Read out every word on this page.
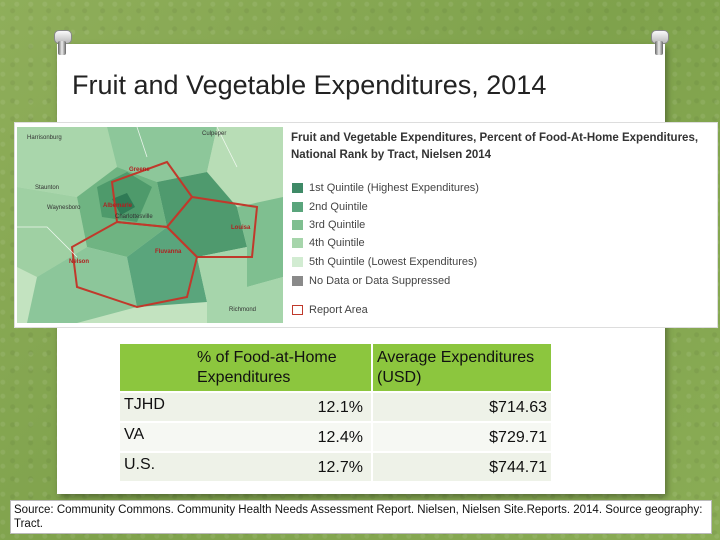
Fruit and Vegetable Expenditures, 2014
Culpeper
Harrisonburg
Greene
Staunton
Waynesboro	Albemarle
Charlottesville
Louisa
Fluvanna
Nelson
Richmond
Fruit and Vegetable Expenditures, Percent of Food-At-Home Expenditures, National Rank by Tract, Nielsen 2014
1st Quintile (Highest Expenditures)
2nd Quintile
3rd Quintile
4th Quintile
5th Quintile (Lowest Expenditures)
No Data or Data Suppressed
Report Area
	% of Food-at-Home Expenditures	Average Expenditures (USD)
TJHD	12.1%	$714.63
VA	12.4%	$729.71
U.S.	12.7%	$744.71
Source: Community Commons. Community Health Needs Assessment Report. Nielsen, Nielsen Site.Reports. 2014. Source geography: Tract.
